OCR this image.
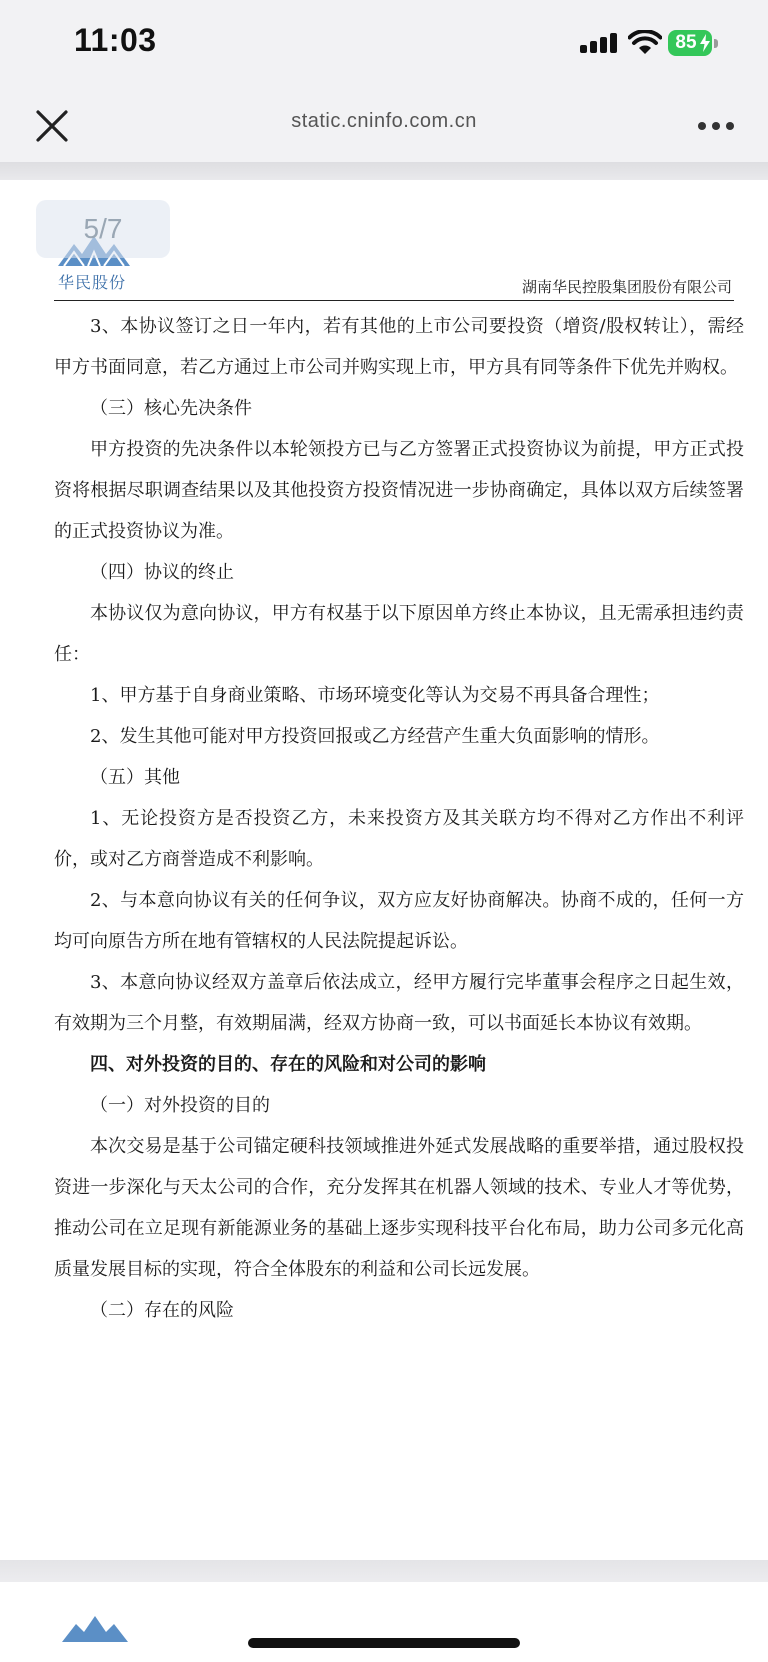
11:03	85
static.cninfo.com.cn
5/7
华民股份	湖南华民控股集团股份有限公司

3、本协议签订之日一年内，若有其他的上市公司要投资（增资/股权转让），需经甲方书面同意，若乙方通过上市公司并购实现上市，甲方具有同等条件下优先并购权。

（三）核心先决条件

甲方投资的先决条件以本轮领投方已与乙方签署正式投资协议为前提，甲方正式投资将根据尽职调查结果以及其他投资方投资情况进一步协商确定，具体以双方后续签署的正式投资协议为准。

（四）协议的终止

本协议仅为意向协议，甲方有权基于以下原因单方终止本协议，且无需承担违约责任：

1、甲方基于自身商业策略、市场环境变化等认为交易不再具备合理性；

2、发生其他可能对甲方投资回报或乙方经营产生重大负面影响的情形。

（五）其他

1、无论投资方是否投资乙方，未来投资方及其关联方均不得对乙方作出不利评价，或对乙方商誉造成不利影响。

2、与本意向协议有关的任何争议，双方应友好协商解决。协商不成的，任何一方均可向原告方所在地有管辖权的人民法院提起诉讼。

3、本意向协议经双方盖章后依法成立，经甲方履行完毕董事会程序之日起生效，有效期为三个月整，有效期届满，经双方协商一致，可以书面延长本协议有效期。

四、对外投资的目的、存在的风险和对公司的影响

（一）对外投资的目的

本次交易是基于公司锚定硬科技领域推进外延式发展战略的重要举措，通过股权投资进一步深化与天太公司的合作，充分发挥其在机器人领域的技术、专业人才等优势，推动公司在立足现有新能源业务的基础上逐步实现科技平台化布局，助力公司多元化高质量发展目标的实现，符合全体股东的利益和公司长远发展。

（二）存在的风险
